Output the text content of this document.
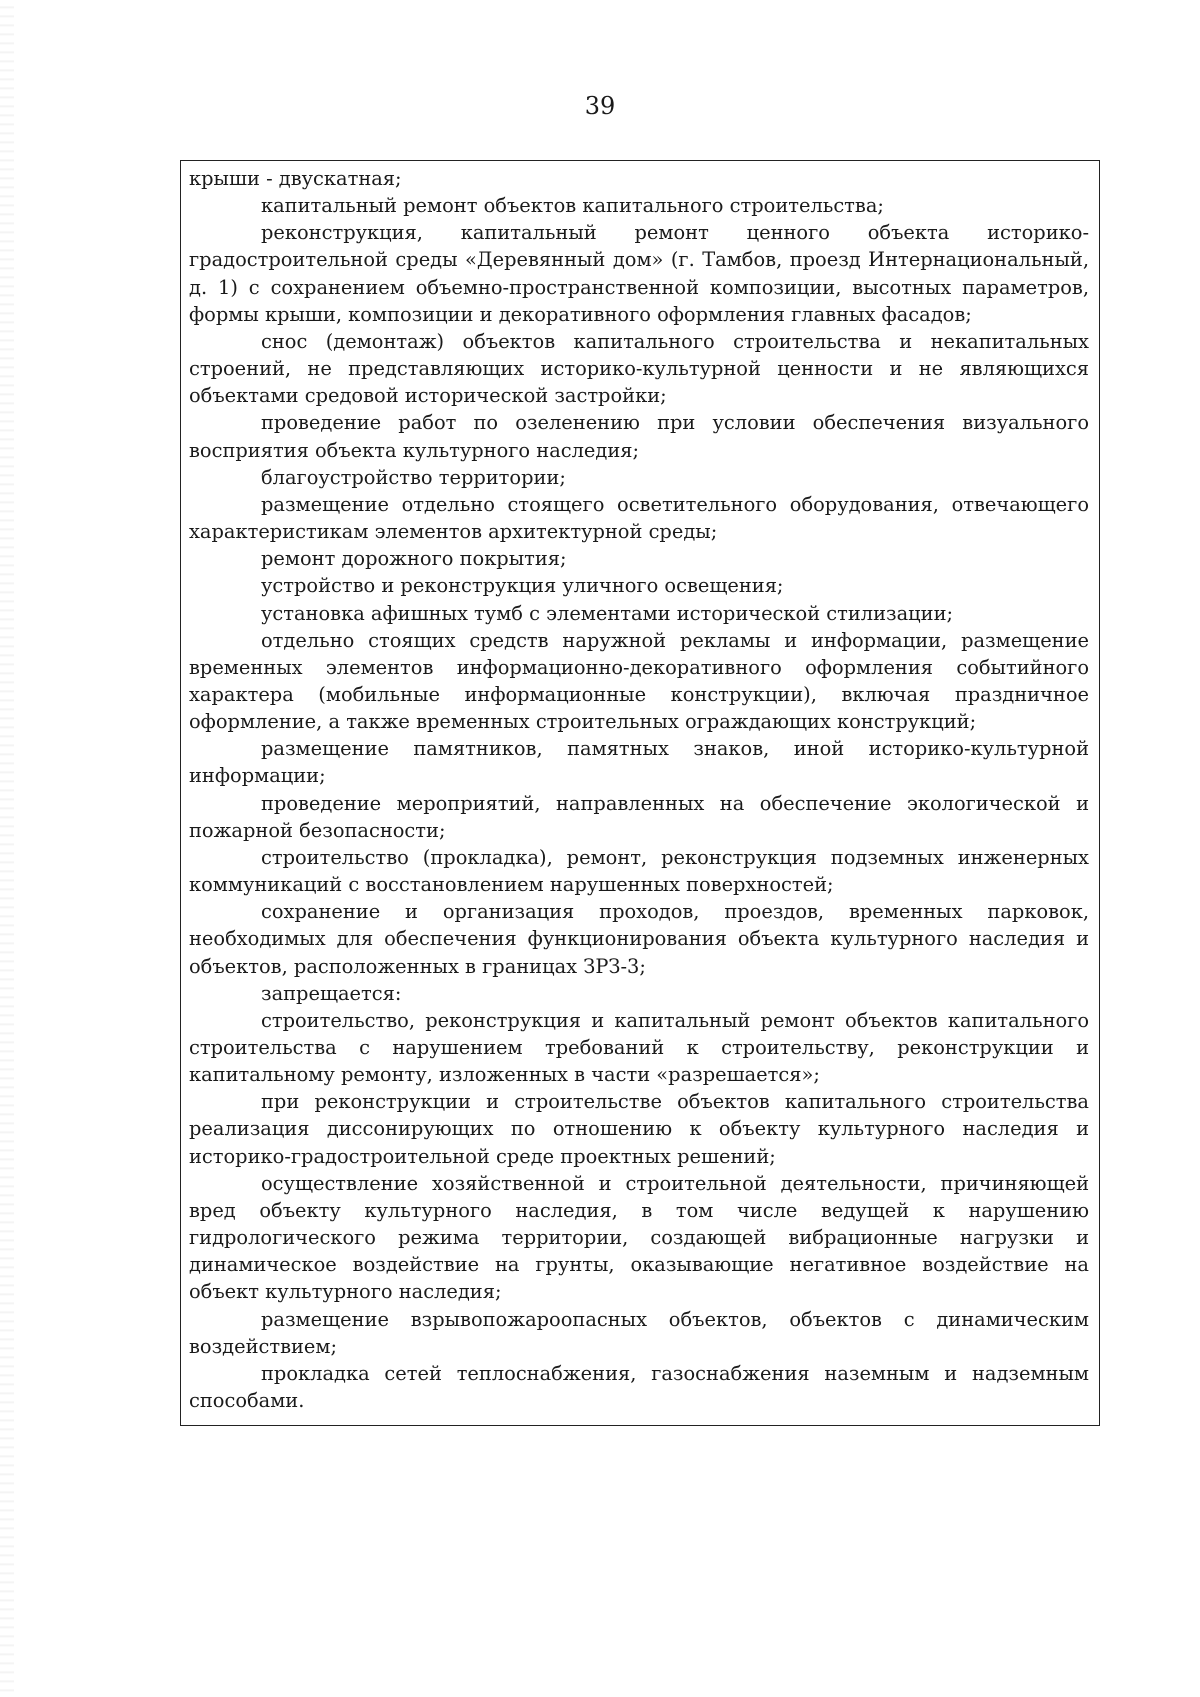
39

крыши - двускатная;

капитальный ремонт объектов капитального строительства;

реконструкция, капитальный ремонт ценного объекта историко-градостроительной среды «Деревянный дом» (г. Тамбов, проезд Интернациональный, д. 1) с сохранением объемно-пространственной композиции, высотных параметров, формы крыши, композиции и декоративного оформления главных фасадов;

снос (демонтаж) объектов капитального строительства и некапитальных строений, не представляющих историко-культурной ценности и не являющихся объектами средовой исторической застройки;

проведение работ по озеленению при условии обеспечения визуального восприятия объекта культурного наследия;

благоустройство территории;

размещение отдельно стоящего осветительного оборудования, отвечающего характеристикам элементов архитектурной среды;

ремонт дорожного покрытия;

устройство и реконструкция уличного освещения;

установка афишных тумб с элементами исторической стилизации;

отдельно стоящих средств наружной рекламы и информации, размещение временных элементов информационно-декоративного оформления событийного характера (мобильные информационные конструкции), включая праздничное оформление, а также временных строительных ограждающих конструкций;

размещение памятников, памятных знаков, иной историко-культурной информации;

проведение мероприятий, направленных на обеспечение экологической и пожарной безопасности;

строительство (прокладка), ремонт, реконструкция подземных инженерных коммуникаций с восстановлением нарушенных поверхностей;

сохранение и организация проходов, проездов, временных парковок, необходимых для обеспечения функционирования объекта культурного наследия и объектов, расположенных в границах ЗРЗ-3;

запрещается:

строительство, реконструкция и капитальный ремонт объектов капитального строительства с нарушением требований к строительству, реконструкции и капитальному ремонту, изложенных в части «разрешается»;

при реконструкции и строительстве объектов капитального строительства реализация диссонирующих по отношению к объекту культурного наследия и историко-градостроительной среде проектных решений;

осуществление хозяйственной и строительной деятельности, причиняющей вред объекту культурного наследия, в том числе ведущей к нарушению гидрологического режима территории, создающей вибрационные нагрузки и динамическое воздействие на грунты, оказывающие негативное воздействие на объект культурного наследия;

размещение взрывопожароопасных объектов, объектов с динамическим воздействием;

прокладка сетей теплоснабжения, газоснабжения наземным и надземным способами.
